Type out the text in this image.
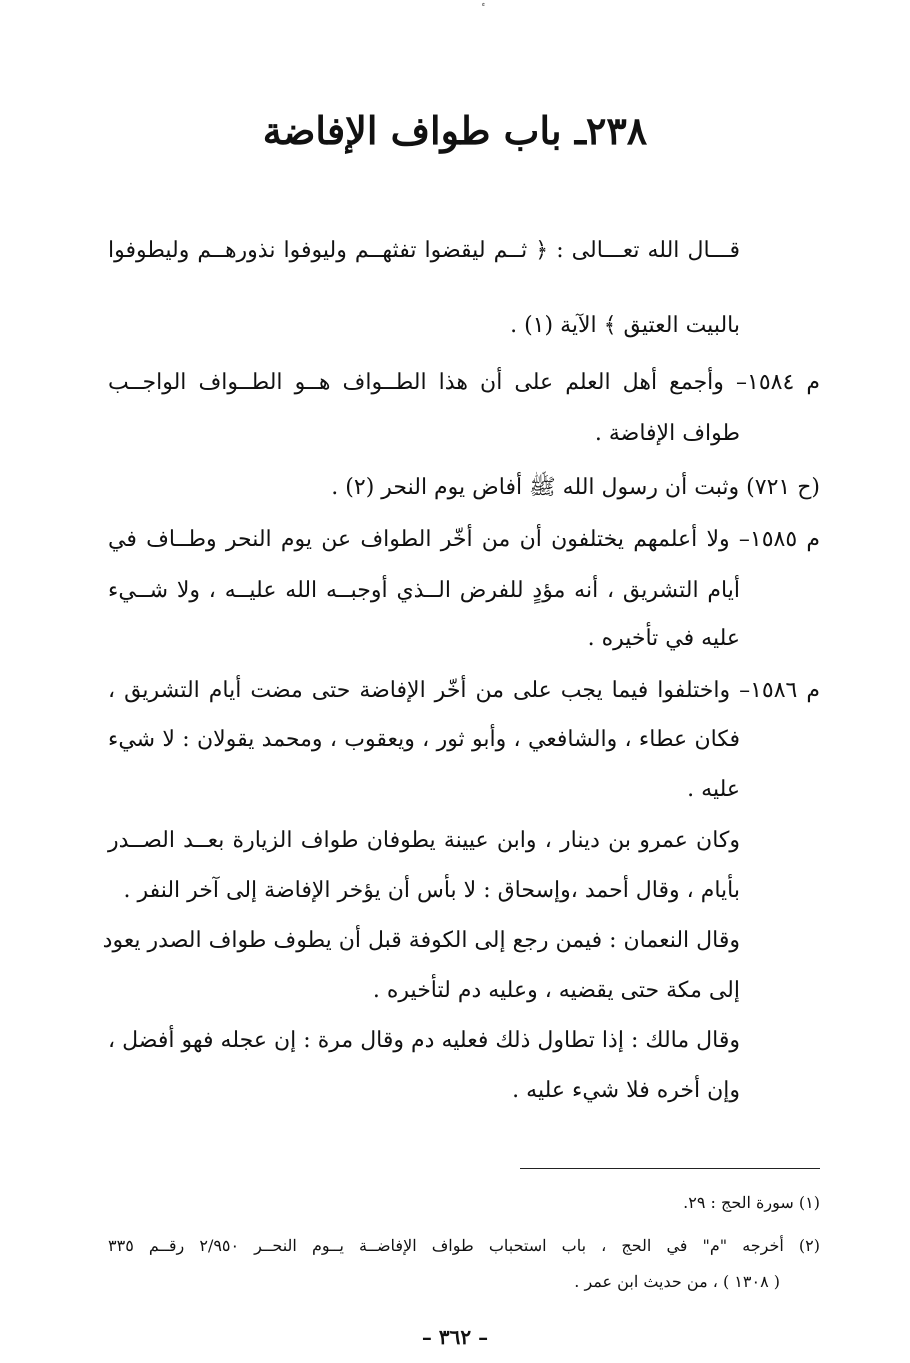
٢٣٨ـ باب طواف الإفاضة
قـــال الله تعـــالى : ﴿ ثــم ليقضوا تفثهــم وليوفوا نذورهــم وليطوفوا
بالبيت العتيق ﴾ الآية (١) .
م ١٥٨٤– وأجمع أهل العلم على أن هذا الطــواف هــو الطــواف الواجــب
طواف الإفاضة .
(ح ٧٢١) وثبت أن رسول الله ﷺ أفاض يوم النحر (٢) .
م ١٥٨٥– ولا أعلمهم يختلفون أن من أخّر الطواف عن يوم النحر وطــاف في
أيام التشريق ، أنه مؤدٍ للفرض الــذي أوجبــه الله عليــه ، ولا شــيء
عليه في تأخيره .
م ١٥٨٦– واختلفوا فيما يجب على من أخّر الإفاضة حتى مضت أيام التشريق ،
فكان عطاء ، والشافعي ، وأبو ثور ، ويعقوب ، ومحمد يقولان : لا شيء
عليه .
وكان عمرو بن دينار ، وابن عيينة يطوفان طواف الزيارة بعــد الصــدر
بأيام ، وقال أحمد ،وإسحاق : لا بأس أن يؤخر الإفاضة إلى آخر النفر .
وقال النعمان : فيمن رجع إلى الكوفة قبل أن يطوف طواف الصدر يعود
إلى مكة حتى يقضيه ، وعليه دم لتأخيره .
وقال مالك : إذا تطاول ذلك فعليه دم وقال مرة : إن عجله فهو أفضل ،
وإن أخره فلا شيء عليه .
(١) سورة الحج : ٢٩.
(٢) أخرجه "م" في الحج ، باب استحباب طواف الإفاضــة يــوم النحــر ٢/٩٥٠ رقــم ٣٣٥
( ١٣٠٨ ) ، من حديث ابن عمر .
– ٣٦٢ –
